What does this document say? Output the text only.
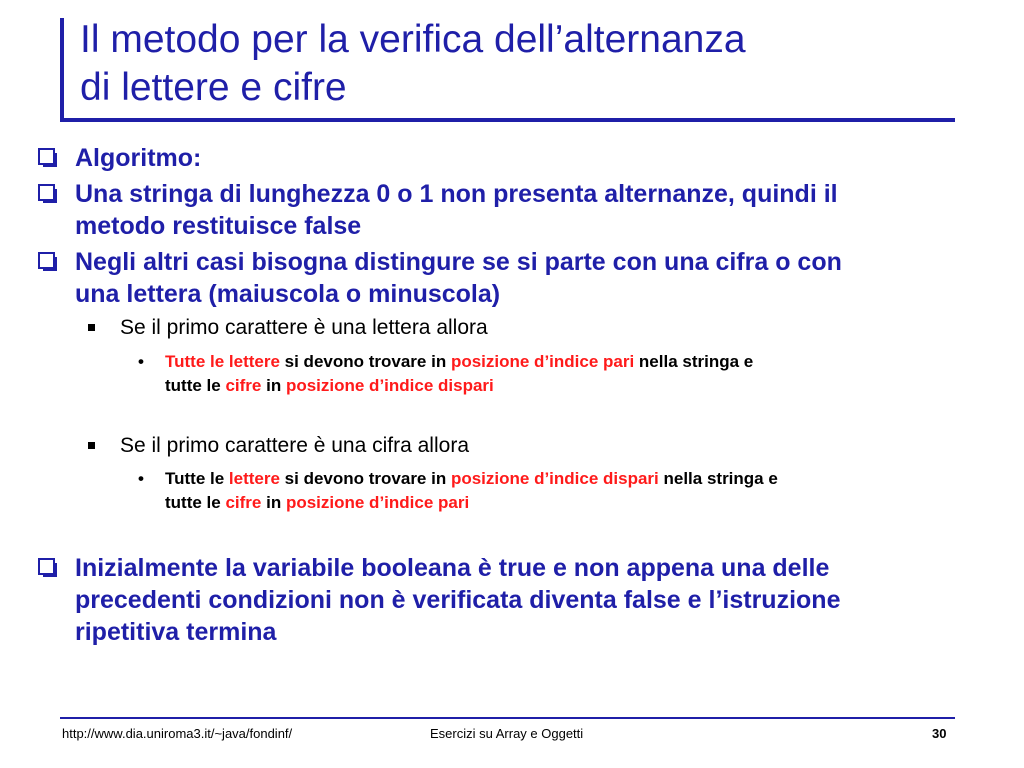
Il metodo per la verifica dell’alternanza
di lettere e cifre
Algoritmo:
Una stringa di lunghezza 0 o 1 non presenta alternanze, quindi il
metodo restituisce false
Negli altri casi bisogna distingure se si parte con una cifra o con
una lettera (maiuscola o minuscola)
Se il primo carattere è una lettera allora
• Tutte le lettere si devono trovare in posizione d’indice pari nella stringa e
tutte le cifre in posizione d’indice dispari
Se il primo carattere è una cifra allora
• Tutte le lettere si devono trovare in posizione d’indice dispari nella stringa e
tutte le cifre in posizione d’indice pari
Inizialmente la variabile booleana è true e non appena una delle
precedenti condizioni non è verificata diventa false e l’istruzione
ripetitiva termina
http://www.dia.uniroma3.it/~java/fondinf/	Esercizi su Array e Oggetti	30
